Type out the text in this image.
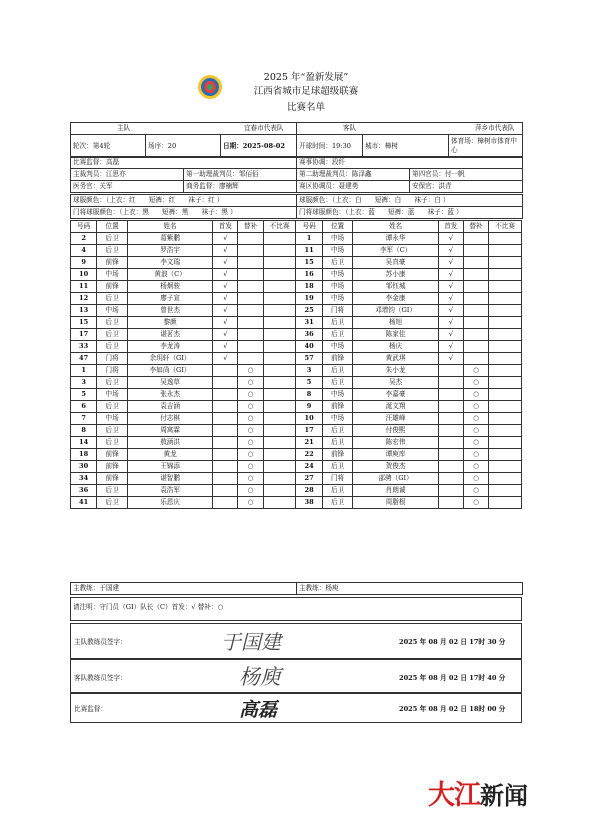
2025 年“盈新发展”
江西省城市足球超级联赛
比赛名单
主队 宜春市代表队			客队 萍乡市代表队		
轮次：第4轮	场序：20	日期：2025-08-02	开球时间：19:30	城市：樟树	体育场：樟树市体育中心
比赛监督：高磊		赛事协调：段纤	
主裁判员：江思亦	第一助理裁判员：邹佰佰	第二助理裁判员：陈泽鑫	第四官员：付一帆
医务官：关军	商务监督：廖楠辉	赛区协调员：聂建勇	安保官：洪青
球服颜色：（上衣：红　　短裤：红　　袜子：红 ）	球服颜色：（上衣：白　　短裤：白　　袜子：白 ）
门将球服颜色：（上衣：黑　　短裤：黑　　袜子：黑 ）	门将球服颜色：（上衣：蓝　　短裤：蓝　　袜子：蓝 ）
号码	位置	姓名	首发	替补	不比赛	号码	位置	姓名	首发	替补	不比赛
2	后卫	葛紫鹏	√			1	中场	谭永华	√		
4	后卫	罗浩宇	√			11	中场	李军（C）	√		
9	前锋	李文瑞	√			15	后卫	吴真豪	√		
10	中场	黄浪（C）	√			16	中场	苏小康	√		
11	前锋	杨炯骏	√			18	中场	邹钰城	√		
12	后卫	廖子宣	√			19	中场	李金康	√		
13	中场	曾世杰	√			25	门将	邓增钧（GI）	√		
15	后卫	黎颜	√			31	后卫	杨旭	√		
17	后卫	谌茗杰	√			36	后卫	陈家佳	√		
33	后卫	李龙涛	√			40	中场	杨庆	√		
47	门将	余玥轩（GI）	√			57	前锋	黄武琪	√		
1	门将	李如尚（GI）		○		3	后卫	朱小龙		○	
3	后卫	吴逸草		○		5	后卫	吴杰		○	
5	中场	张永杰		○		8	中场	李嘉豪		○	
6	后卫	袁吉涵		○		9	前锋	涎文翔		○	
7	中场	付志棋		○		10	中场	汪雄峰		○	
8	后卫	周寓霖		○		17	后卫	付俊熙		○	
14	后卫	敖涵洪		○		21	后卫	陈宏伟		○	
18	前锋	黄龙		○		22	前锋	谭庾库		○	
30	前锋	王锦添		○		24	后卫	贺俊杰		○	
34	前锋	谌智鹏		○		27	门将	邵骋（GI）		○	
36	后卫	袁浩军		○		28	后卫	肖朗诚		○	
41	后卫	乐恩庆		○		38	后卫	周脂根		○	
主教练：于国建	主教练：杨庾
请注明：守门员（GI）队长（C）首发：√ 替补：○
主队教练员签字：	于国建	2025 年 08 月 02 日 17时 30 分
客队教练员签字：	杨庾	2025 年 08 月 02 日 17时 40 分
比赛监督：	高磊	2025 年 08 月 02 日 18时 00 分
大江新闻
